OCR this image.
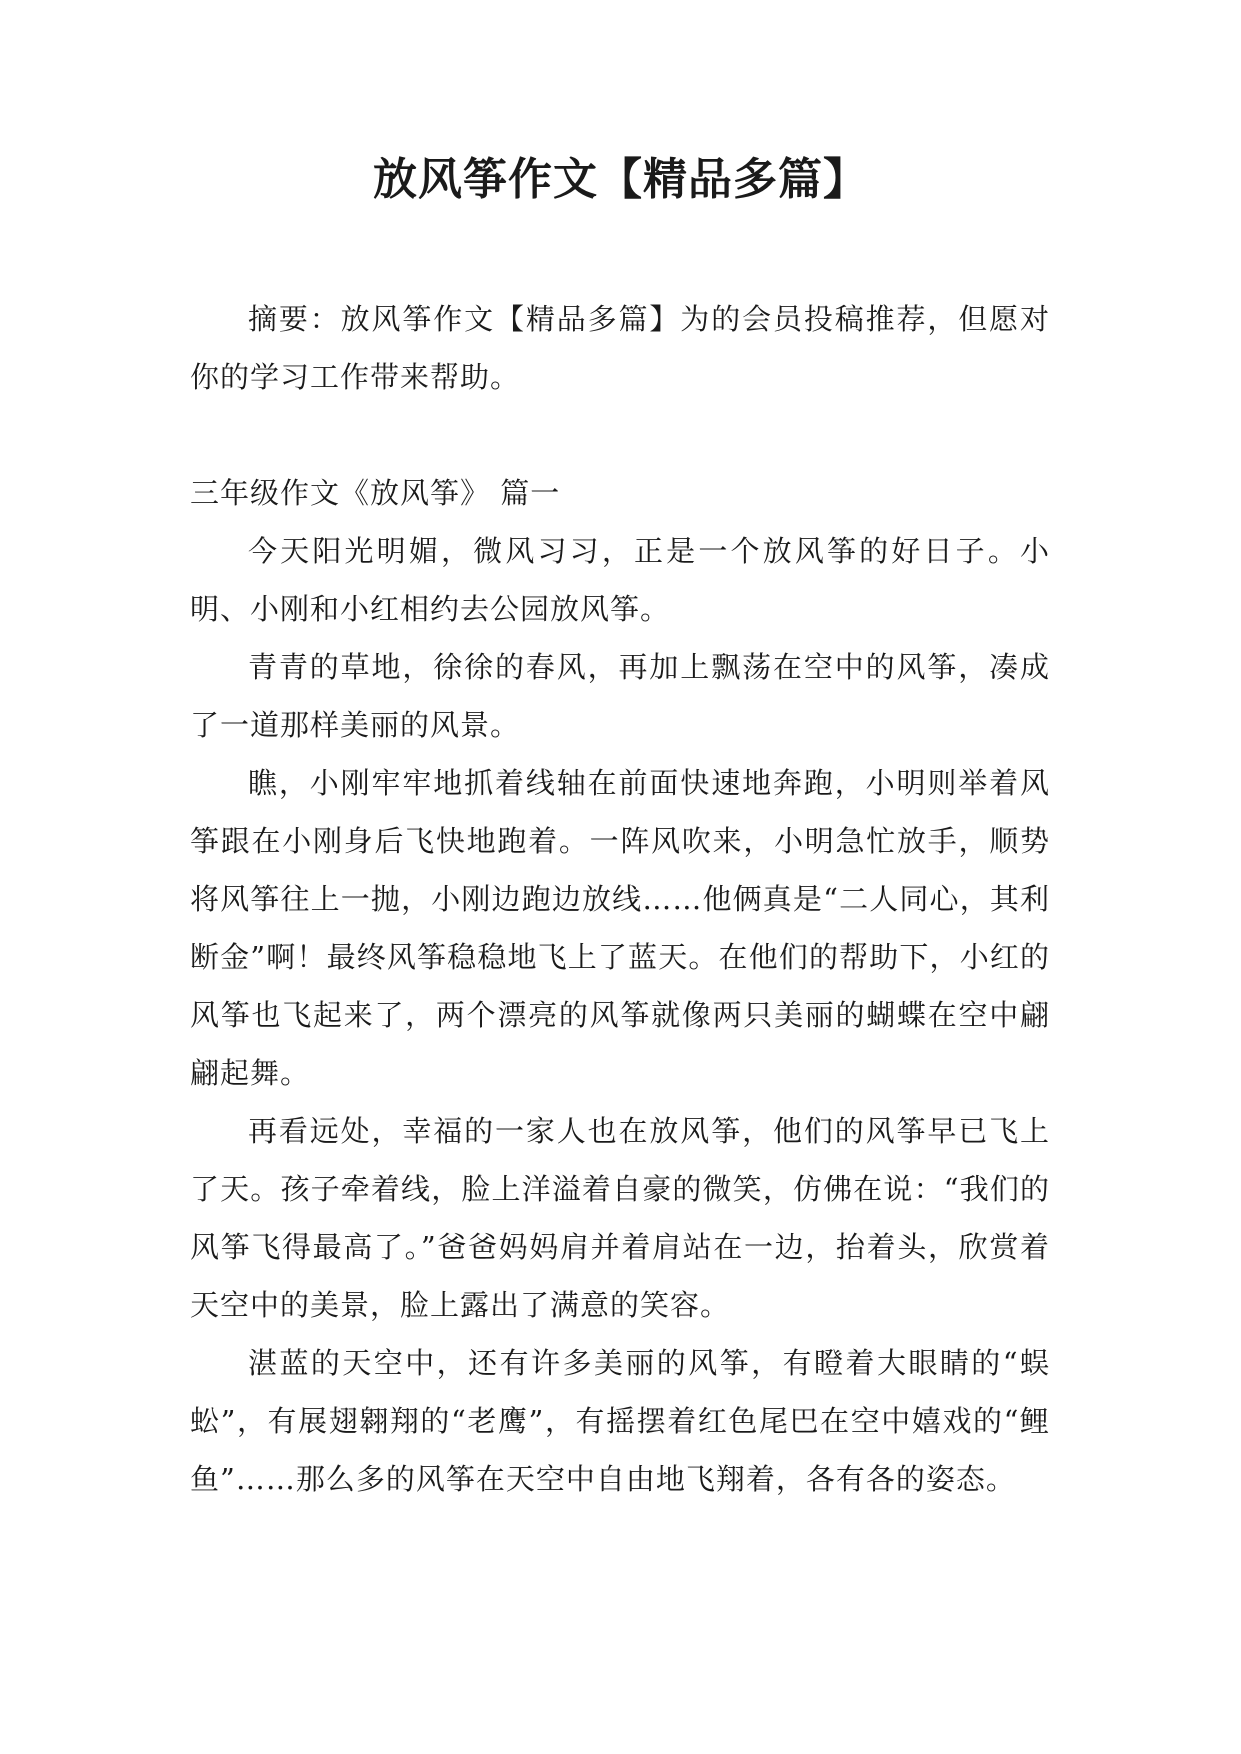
放风筝作文【精品多篇】

摘要：放风筝作文【精品多篇】为的会员投稿推荐，但愿对你的学习工作带来帮助。

三年级作文《放风筝》 篇一

今天阳光明媚，微风习习，正是一个放风筝的好日子。小明、小刚和小红相约去公园放风筝。

青青的草地，徐徐的春风，再加上飘荡在空中的风筝，凑成了一道那样美丽的风景。

瞧，小刚牢牢地抓着线轴在前面快速地奔跑，小明则举着风筝跟在小刚身后飞快地跑着。一阵风吹来，小明急忙放手，顺势将风筝往上一抛，小刚边跑边放线……他俩真是“二人同心，其利断金”啊！最终风筝稳稳地飞上了蓝天。在他们的帮助下，小红的风筝也飞起来了，两个漂亮的风筝就像两只美丽的蝴蝶在空中翩翩起舞。

再看远处，幸福的一家人也在放风筝，他们的风筝早已飞上了天。孩子牵着线，脸上洋溢着自豪的微笑，仿佛在说：“我们的风筝飞得最高了。”爸爸妈妈肩并着肩站在一边，抬着头，欣赏着天空中的美景，脸上露出了满意的笑容。

湛蓝的天空中，还有许多美丽的风筝，有瞪着大眼睛的“蜈蚣”，有展翅翱翔的“老鹰”，有摇摆着红色尾巴在空中嬉戏的“鲤鱼”……那么多的风筝在天空中自由地飞翔着，各有各的姿态。
